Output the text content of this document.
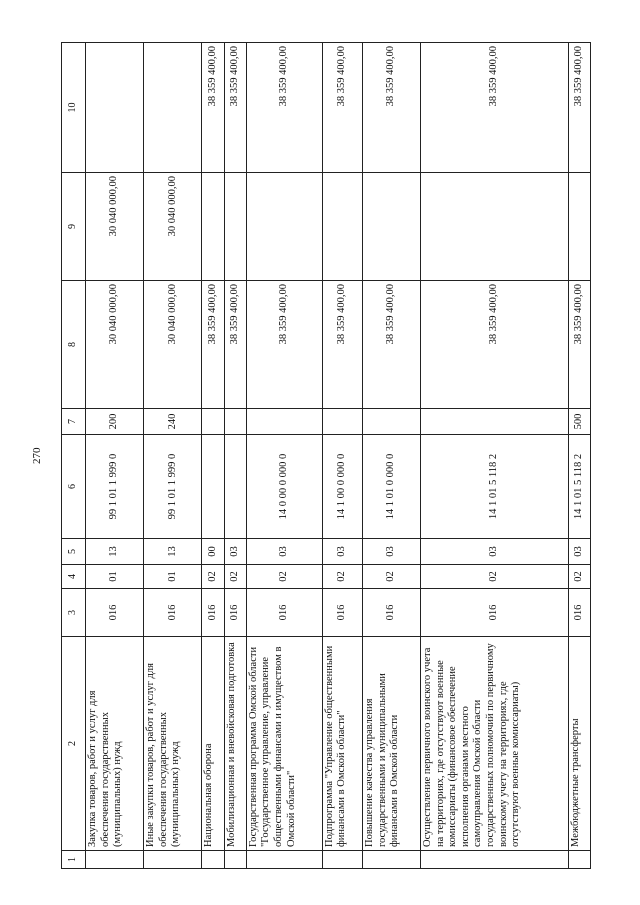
270
1	2	3	4	5	6	7	8	9	10
	Закупка товаров, работ и услуг для обеспечения государственных (муниципальных) нужд	016	01	13	99 1 01 1 999 0	200	30 040 000,00	30 040 000,00	
	Иные закупки товаров, работ и услуг для обеспечения государственных (муниципальных) нужд	016	01	13	99 1 01 1 999 0	240	30 040 000,00	30 040 000,00	
	Национальная оборона	016	02	00			38 359 400,00		38 359 400,00
	Мобилизационная и вневойсковая подготовка	016	02	03			38 359 400,00		38 359 400,00
	Государственная программа Омской области "Государственное управление, управление общественными финансами и имуществом в Омской области"	016	02	03	14 0 00 0 000 0		38 359 400,00		38 359 400,00
	Подпрограмма "Управление общественными финансами в Омской области"	016	02	03	14 1 00 0 000 0		38 359 400,00		38 359 400,00
	Повышение качества управления государственными и муниципальными финансами в Омской области	016	02	03	14 1 01 0 000 0		38 359 400,00		38 359 400,00
	Осуществление первичного воинского учета на территориях, где отсутствуют военные комиссариаты (финансовое обеспечение исполнения органами местного самоуправления Омской области государственных полномочий по первичному воинскому учету на территориях, где отсутствуют военные комиссариаты)	016	02	03	14 1 01 5 118 2		38 359 400,00		38 359 400,00
	Межбюджетные трансферты	016	02	03	14 1 01 5 118 2	500	38 359 400,00		38 359 400,00
